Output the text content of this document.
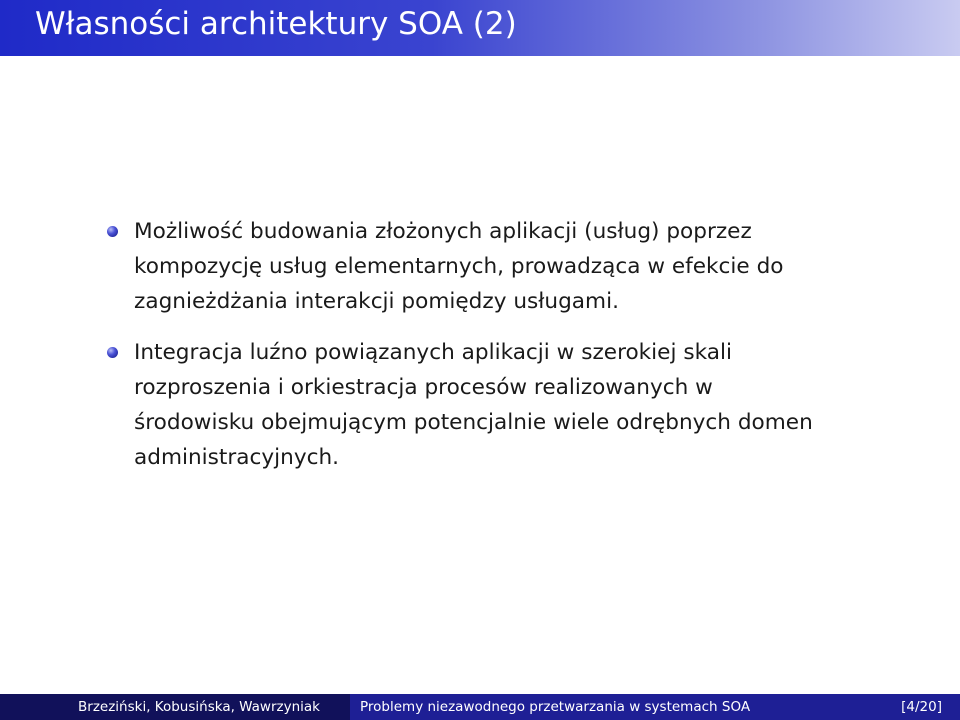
Własności architektury SOA (2)
Możliwość budowania złożonych aplikacji (usług) poprzez
kompozycję usług elementarnych, prowadząca w efekcie do
zagnieżdżania interakcji pomiędzy usługami.
Integracja luźno powiązanych aplikacji w szerokiej skali
rozproszenia i orkiestracja procesów realizowanych w
środowisku obejmującym potencjalnie wiele odrębnych domen
administracyjnych.
Brzeziński, Kobusińska, Wawrzyniak	Problemy niezawodnego przetwarzania w systemach SOA	[4/20]
